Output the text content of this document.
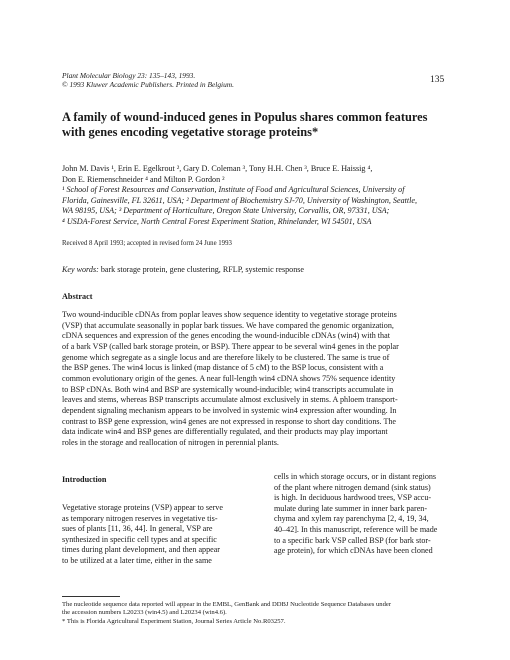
Plant Molecular Biology 23: 135–143, 1993.
© 1993 Kluwer Academic Publishers. Printed in Belgium.	135
A family of wound-induced genes in Populus shares common features
with genes encoding vegetative storage proteins*
John M. Davis ¹, Erin E. Egelkrout ², Gary D. Coleman ³, Tony H.H. Chen ³, Bruce E. Haissig ⁴,
Don E. Riemenschneider ⁴ and Milton P. Gordon ²
¹ School of Forest Resources and Conservation, Institute of Food and Agricultural Sciences, University of
Florida, Gainesville, FL 32611, USA; ² Department of Biochemistry SJ-70, University of Washington, Seattle,
WA 98195, USA; ³ Department of Horticulture, Oregon State University, Corvallis, OR, 97331, USA;
⁴ USDA-Forest Service, North Central Forest Experiment Station, Rhinelander, WI 54501, USA
Received 8 April 1993; accepted in revised form 24 June 1993
Key words: bark storage protein, gene clustering, RFLP, systemic response
Abstract
Two wound-inducible cDNAs from poplar leaves show sequence identity to vegetative storage proteins
(VSP) that accumulate seasonally in poplar bark tissues. We have compared the genomic organization,
cDNA sequences and expression of the genes encoding the wound-inducible cDNAs (win4) with that
of a bark VSP (called bark storage protein, or BSP). There appear to be several win4 genes in the poplar
genome which segregate as a single locus and are therefore likely to be clustered. The same is true of
the BSP genes. The win4 locus is linked (map distance of 5 cM) to the BSP locus, consistent with a
common evolutionary origin of the genes. A near full-length win4 cDNA shows 75% sequence identity
to BSP cDNAs. Both win4 and BSP are systemically wound-inducible; win4 transcripts accumulate in
leaves and stems, whereas BSP transcripts accumulate almost exclusively in stems. A phloem transport-
dependent signaling mechanism appears to be involved in systemic win4 expression after wounding. In
contrast to BSP gene expression, win4 genes are not expressed in response to short day conditions. The
data indicate win4 and BSP genes are differentially regulated, and their products may play important
roles in the storage and reallocation of nitrogen in perennial plants.
Introduction
Vegetative storage proteins (VSP) appear to serve
as temporary nitrogen reserves in vegetative tis-
sues of plants [11, 36, 44]. In general, VSP are
synthesized in specific cell types and at specific
times during plant development, and then appear
to be utilized at a later time, either in the same
cells in which storage occurs, or in distant regions
of the plant where nitrogen demand (sink status)
is high. In deciduous hardwood trees, VSP accu-
mulate during late summer in inner bark paren-
chyma and xylem ray parenchyma [2, 4, 19, 34,
40–42]. In this manuscript, reference will be made
to a specific bark VSP called BSP (for bark stor-
age protein), for which cDNAs have been cloned
The nucleotide sequence data reported will appear in the EMBL, GenBank and DDBJ Nucleotide Sequence Databases under
the accession numbers L20233 (win4.5) and L20234 (win4.6).
* This is Florida Agricultural Experiment Station, Journal Series Article No.R03257.
